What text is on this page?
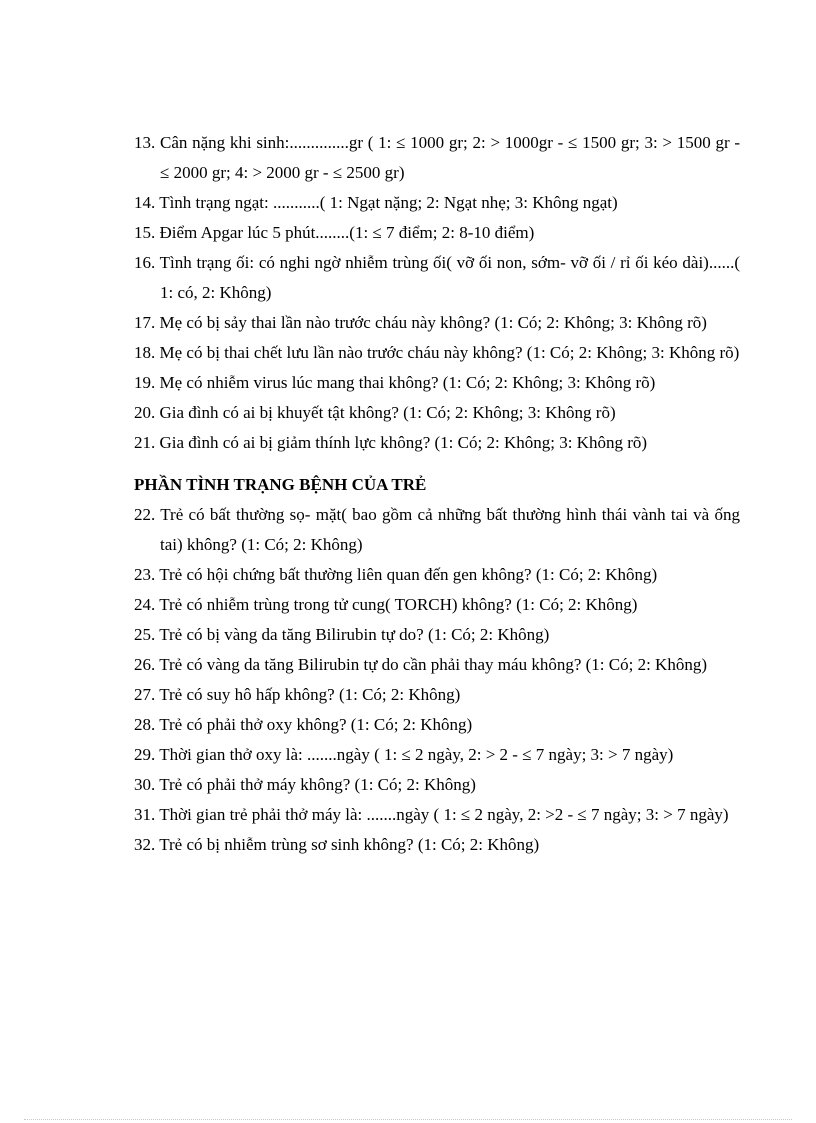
13. Cân nặng khi sinh:..............gr ( 1: ≤ 1000 gr; 2: > 1000gr - ≤ 1500 gr; 3: > 1500 gr - ≤ 2000 gr; 4: > 2000 gr - ≤ 2500 gr)
14. Tình trạng ngạt: ...........( 1: Ngạt nặng; 2: Ngạt nhẹ; 3: Không ngạt)
15. Điểm Apgar lúc 5 phút........(1: ≤ 7 điểm; 2: 8-10 điểm)
16. Tình trạng ối: có nghi ngờ nhiễm trùng ối( vỡ ối non, sớm- vỡ ối / rỉ ối kéo dài)......( 1: có, 2: Không)
17. Mẹ có bị sảy thai lần nào trước cháu này không? (1: Có; 2: Không; 3: Không rõ)
18. Mẹ có bị thai chết lưu lần nào trước cháu này không? (1: Có; 2: Không; 3: Không rõ)
19. Mẹ có nhiễm virus lúc mang thai không? (1: Có; 2: Không; 3: Không rõ)
20. Gia đình có ai bị khuyết tật không? (1: Có; 2: Không; 3: Không rõ)
21. Gia đình có ai bị giảm thính lực không? (1: Có; 2: Không; 3: Không rõ)
PHẦN TÌNH TRẠNG BỆNH CỦA TRẺ
22. Trẻ có bất thường sọ- mặt( bao gồm cả những bất thường hình thái vành tai và ống tai) không? (1: Có; 2: Không)
23. Trẻ có hội chứng bất thường liên quan đến gen không? (1: Có; 2: Không)
24. Trẻ có nhiễm trùng trong tử cung( TORCH) không? (1: Có; 2: Không)
25. Trẻ có bị vàng da tăng Bilirubin tự do? (1: Có; 2: Không)
26. Trẻ có vàng da tăng Bilirubin tự do cần phải thay máu không? (1: Có; 2: Không)
27. Trẻ có suy hô hấp không? (1: Có; 2: Không)
28. Trẻ có phải thở oxy không? (1: Có; 2: Không)
29. Thời gian thở oxy là: .......ngày ( 1: ≤ 2 ngày, 2: > 2 - ≤ 7 ngày; 3: > 7 ngày)
30. Trẻ có phải thở máy không? (1: Có; 2: Không)
31. Thời gian trẻ phải thở máy là: .......ngày ( 1: ≤ 2 ngày, 2: >2 - ≤ 7 ngày; 3: > 7 ngày)
32. Trẻ có bị nhiễm trùng sơ sinh không? (1: Có; 2: Không)
